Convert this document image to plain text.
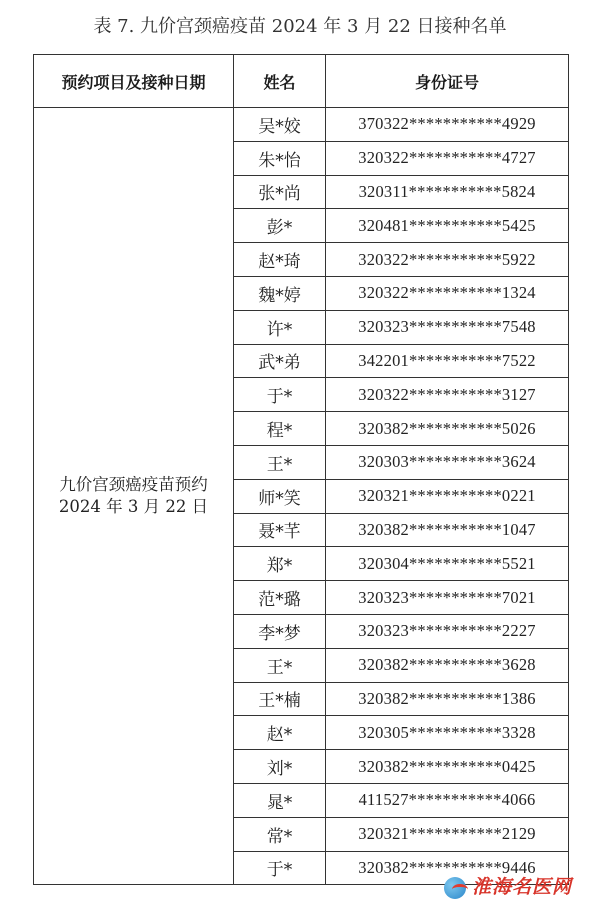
表 7. 九价宫颈癌疫苗 2024 年 3 月 22 日接种名单
预约项目及接种日期	姓名	身份证号

九价宫颈癌疫苗预约
2024 年 3 月 22 日	吴*姣	370322***********4929
	朱*怡	320322***********4727
	张*尚	320311***********5824
	彭*	320481***********5425
	赵*琦	320322***********5922
	魏*婷	320322***********1324
	许*	320323***********7548
	武*弟	342201***********7522
	于*	320322***********3127
	程*	320382***********5026
	王*	320303***********3624
	师*笑	320321***********0221
	聂*芊	320382***********1047
	郑*	320304***********5521
	范*璐	320323***********7021
	李*梦	320323***********2227
	王*	320382***********3628
	王*楠	320382***********1386
	赵*	320305***********3328
	刘*	320382***********0425
	晁*	411527***********4066
	常*	320321***********2129
	于*	320382***********9446
淮海名医网
